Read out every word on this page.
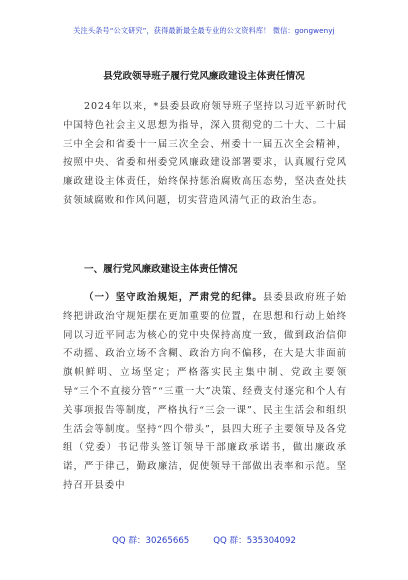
关注头条号“公文研究”，获得最新最全最专业的公文资料库！ 微信：gongwenyj
县党政领导班子履行党风廉政建设主体责任情况
2024年以来，*县委县政府领导班子坚持以习近平新时代中国特色社会主义思想为指导，深入贯彻党的二十大、二十届三中全会和省委十一届三次全会、州委十一届五次全会精神，按照中央、省委和州委党风廉政建设部署要求，认真履行党风廉政建设主体责任，始终保持惩治腐败高压态势，坚决查处扶贫领域腐败和作风问题，切实营造风清气正的政治生态。
一、履行党风廉政建设主体责任情况
（一）坚守政治规矩，严肃党的纪律。县委县政府班子始终把讲政治守规矩摆在更加重要的位置，在思想和行动上始终同以习近平同志为核心的党中央保持高度一致，做到政治信仰不动摇、政治立场不含糊、政治方向不偏移，在大是大非面前旗帜鲜明、立场坚定；严格落实民主集中制、党政主要领导“三个不直接分管”“三重一大”决策、经费支付逐完和个人有关事项报告等制度，严格执行“三会一课”、民主生活会和组织生活会等制度。坚持“四个带头”，县四大班子主要领导及各党组（党委）书记带头签订领导干部廉政承诺书，做出廉政承诺，严于律己，勤政廉洁，促使领导干部做出表率和示范。坚持召开县委中
QQ 群：30265665	QQ 群：535304092
